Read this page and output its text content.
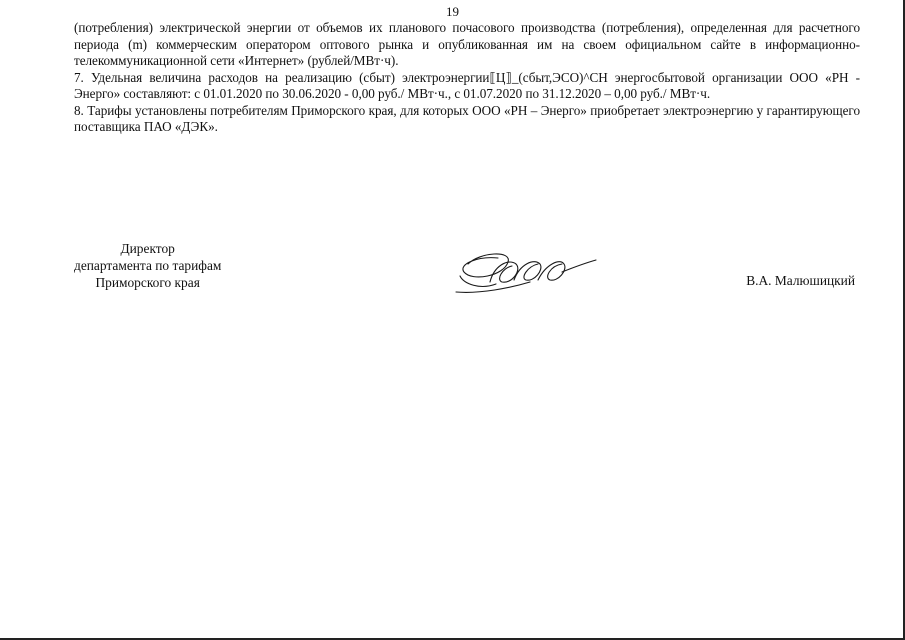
19

(потребления) электрической энергии от объемов их планового почасового производства (потребления), определенная для расчетного периода (m) коммерческим оператором оптового рынка и опубликованная им на своем официальном сайте в информационно-телекоммуникационной сети «Интернет» (рублей/МВт·ч).

7. Удельная величина расходов на реализацию (сбыт) электроэнергии⟦Ц⟧_(сбыт,ЭСО)^СН энергосбытовой организации ООО «РН - Энерго» составляют: с 01.01.2020 по 30.06.2020 - 0,00 руб./ МВт·ч., с 01.07.2020 по 31.12.2020 – 0,00 руб./ МВт·ч.

8. Тарифы установлены потребителям Приморского края, для которых ООО «РН – Энерго» приобретает электроэнергию у гарантирующего поставщика ПАО «ДЭК».

Директор
департамента по тарифам
Приморского края	В.А. Малюшицкий
